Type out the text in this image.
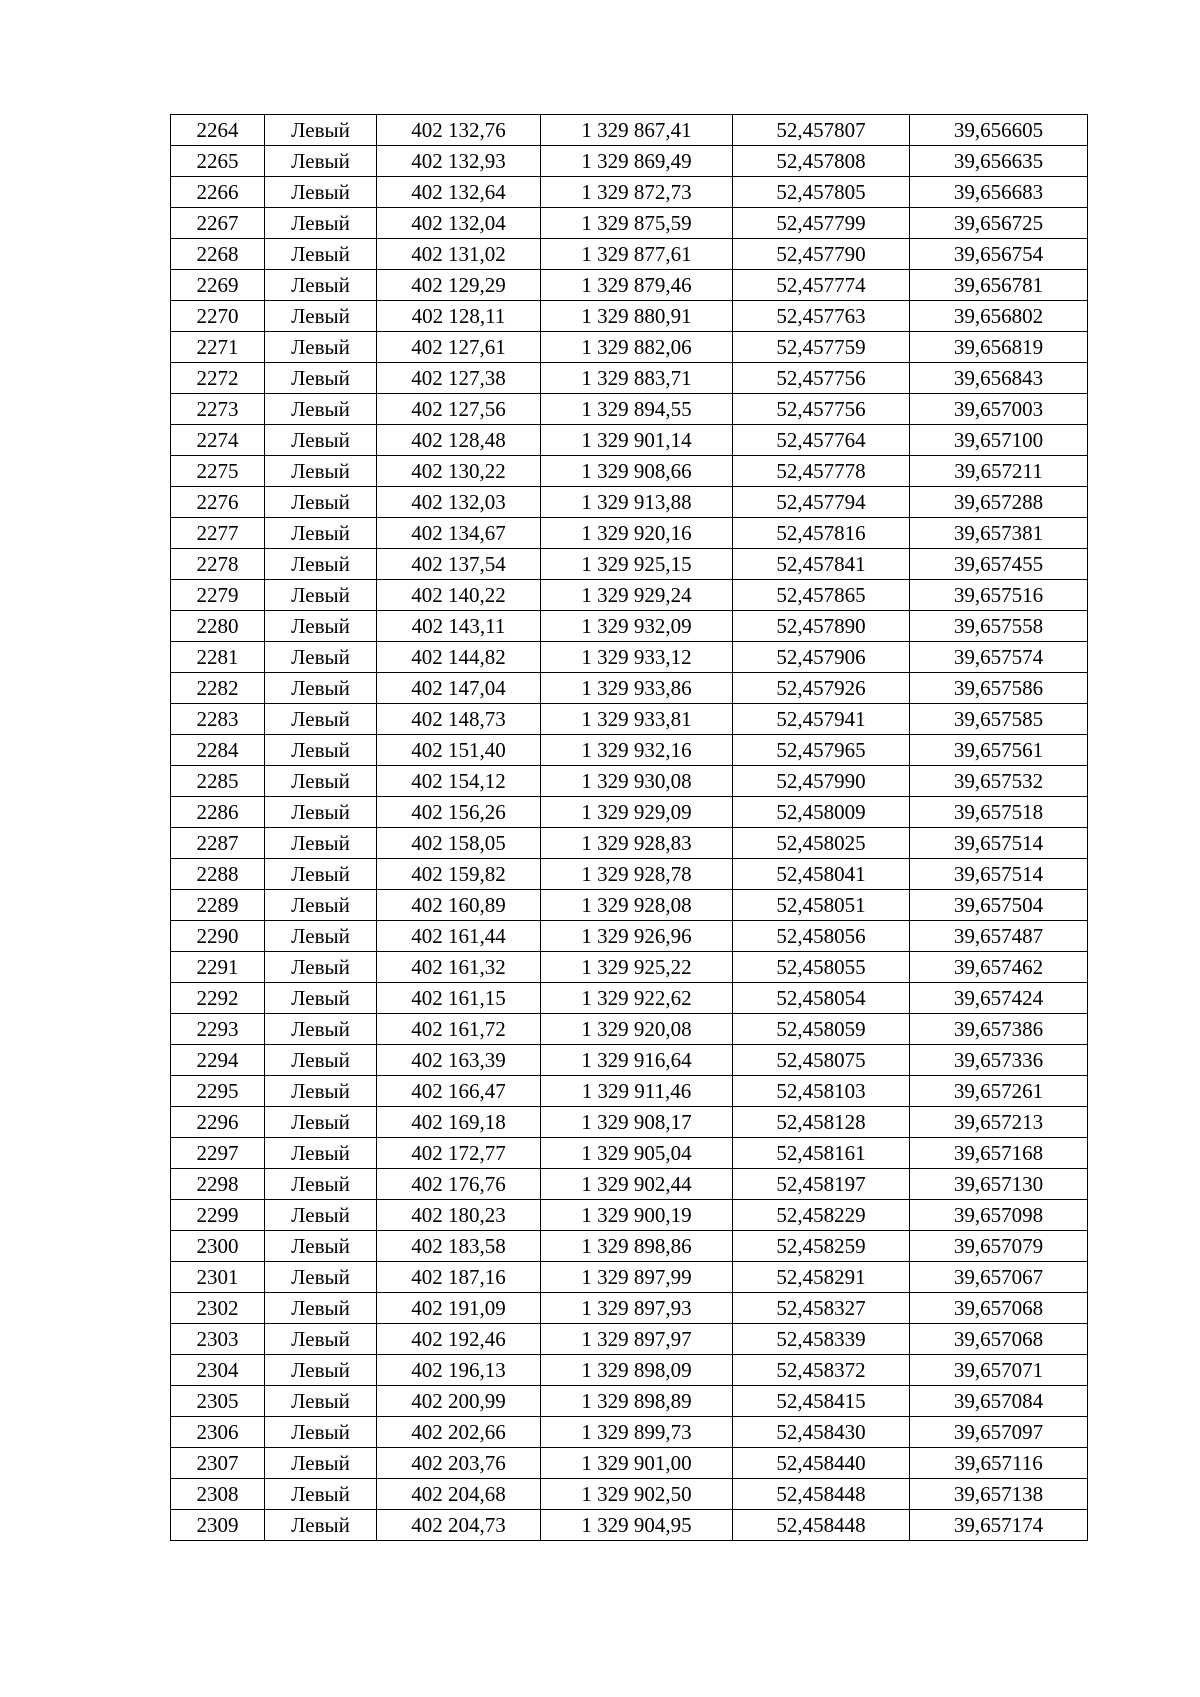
2264	Левый	402 132,76	1 329 867,41	52,457807	39,656605
2265	Левый	402 132,93	1 329 869,49	52,457808	39,656635
2266	Левый	402 132,64	1 329 872,73	52,457805	39,656683
2267	Левый	402 132,04	1 329 875,59	52,457799	39,656725
2268	Левый	402 131,02	1 329 877,61	52,457790	39,656754
2269	Левый	402 129,29	1 329 879,46	52,457774	39,656781
2270	Левый	402 128,11	1 329 880,91	52,457763	39,656802
2271	Левый	402 127,61	1 329 882,06	52,457759	39,656819
2272	Левый	402 127,38	1 329 883,71	52,457756	39,656843
2273	Левый	402 127,56	1 329 894,55	52,457756	39,657003
2274	Левый	402 128,48	1 329 901,14	52,457764	39,657100
2275	Левый	402 130,22	1 329 908,66	52,457778	39,657211
2276	Левый	402 132,03	1 329 913,88	52,457794	39,657288
2277	Левый	402 134,67	1 329 920,16	52,457816	39,657381
2278	Левый	402 137,54	1 329 925,15	52,457841	39,657455
2279	Левый	402 140,22	1 329 929,24	52,457865	39,657516
2280	Левый	402 143,11	1 329 932,09	52,457890	39,657558
2281	Левый	402 144,82	1 329 933,12	52,457906	39,657574
2282	Левый	402 147,04	1 329 933,86	52,457926	39,657586
2283	Левый	402 148,73	1 329 933,81	52,457941	39,657585
2284	Левый	402 151,40	1 329 932,16	52,457965	39,657561
2285	Левый	402 154,12	1 329 930,08	52,457990	39,657532
2286	Левый	402 156,26	1 329 929,09	52,458009	39,657518
2287	Левый	402 158,05	1 329 928,83	52,458025	39,657514
2288	Левый	402 159,82	1 329 928,78	52,458041	39,657514
2289	Левый	402 160,89	1 329 928,08	52,458051	39,657504
2290	Левый	402 161,44	1 329 926,96	52,458056	39,657487
2291	Левый	402 161,32	1 329 925,22	52,458055	39,657462
2292	Левый	402 161,15	1 329 922,62	52,458054	39,657424
2293	Левый	402 161,72	1 329 920,08	52,458059	39,657386
2294	Левый	402 163,39	1 329 916,64	52,458075	39,657336
2295	Левый	402 166,47	1 329 911,46	52,458103	39,657261
2296	Левый	402 169,18	1 329 908,17	52,458128	39,657213
2297	Левый	402 172,77	1 329 905,04	52,458161	39,657168
2298	Левый	402 176,76	1 329 902,44	52,458197	39,657130
2299	Левый	402 180,23	1 329 900,19	52,458229	39,657098
2300	Левый	402 183,58	1 329 898,86	52,458259	39,657079
2301	Левый	402 187,16	1 329 897,99	52,458291	39,657067
2302	Левый	402 191,09	1 329 897,93	52,458327	39,657068
2303	Левый	402 192,46	1 329 897,97	52,458339	39,657068
2304	Левый	402 196,13	1 329 898,09	52,458372	39,657071
2305	Левый	402 200,99	1 329 898,89	52,458415	39,657084
2306	Левый	402 202,66	1 329 899,73	52,458430	39,657097
2307	Левый	402 203,76	1 329 901,00	52,458440	39,657116
2308	Левый	402 204,68	1 329 902,50	52,458448	39,657138
2309	Левый	402 204,73	1 329 904,95	52,458448	39,657174
